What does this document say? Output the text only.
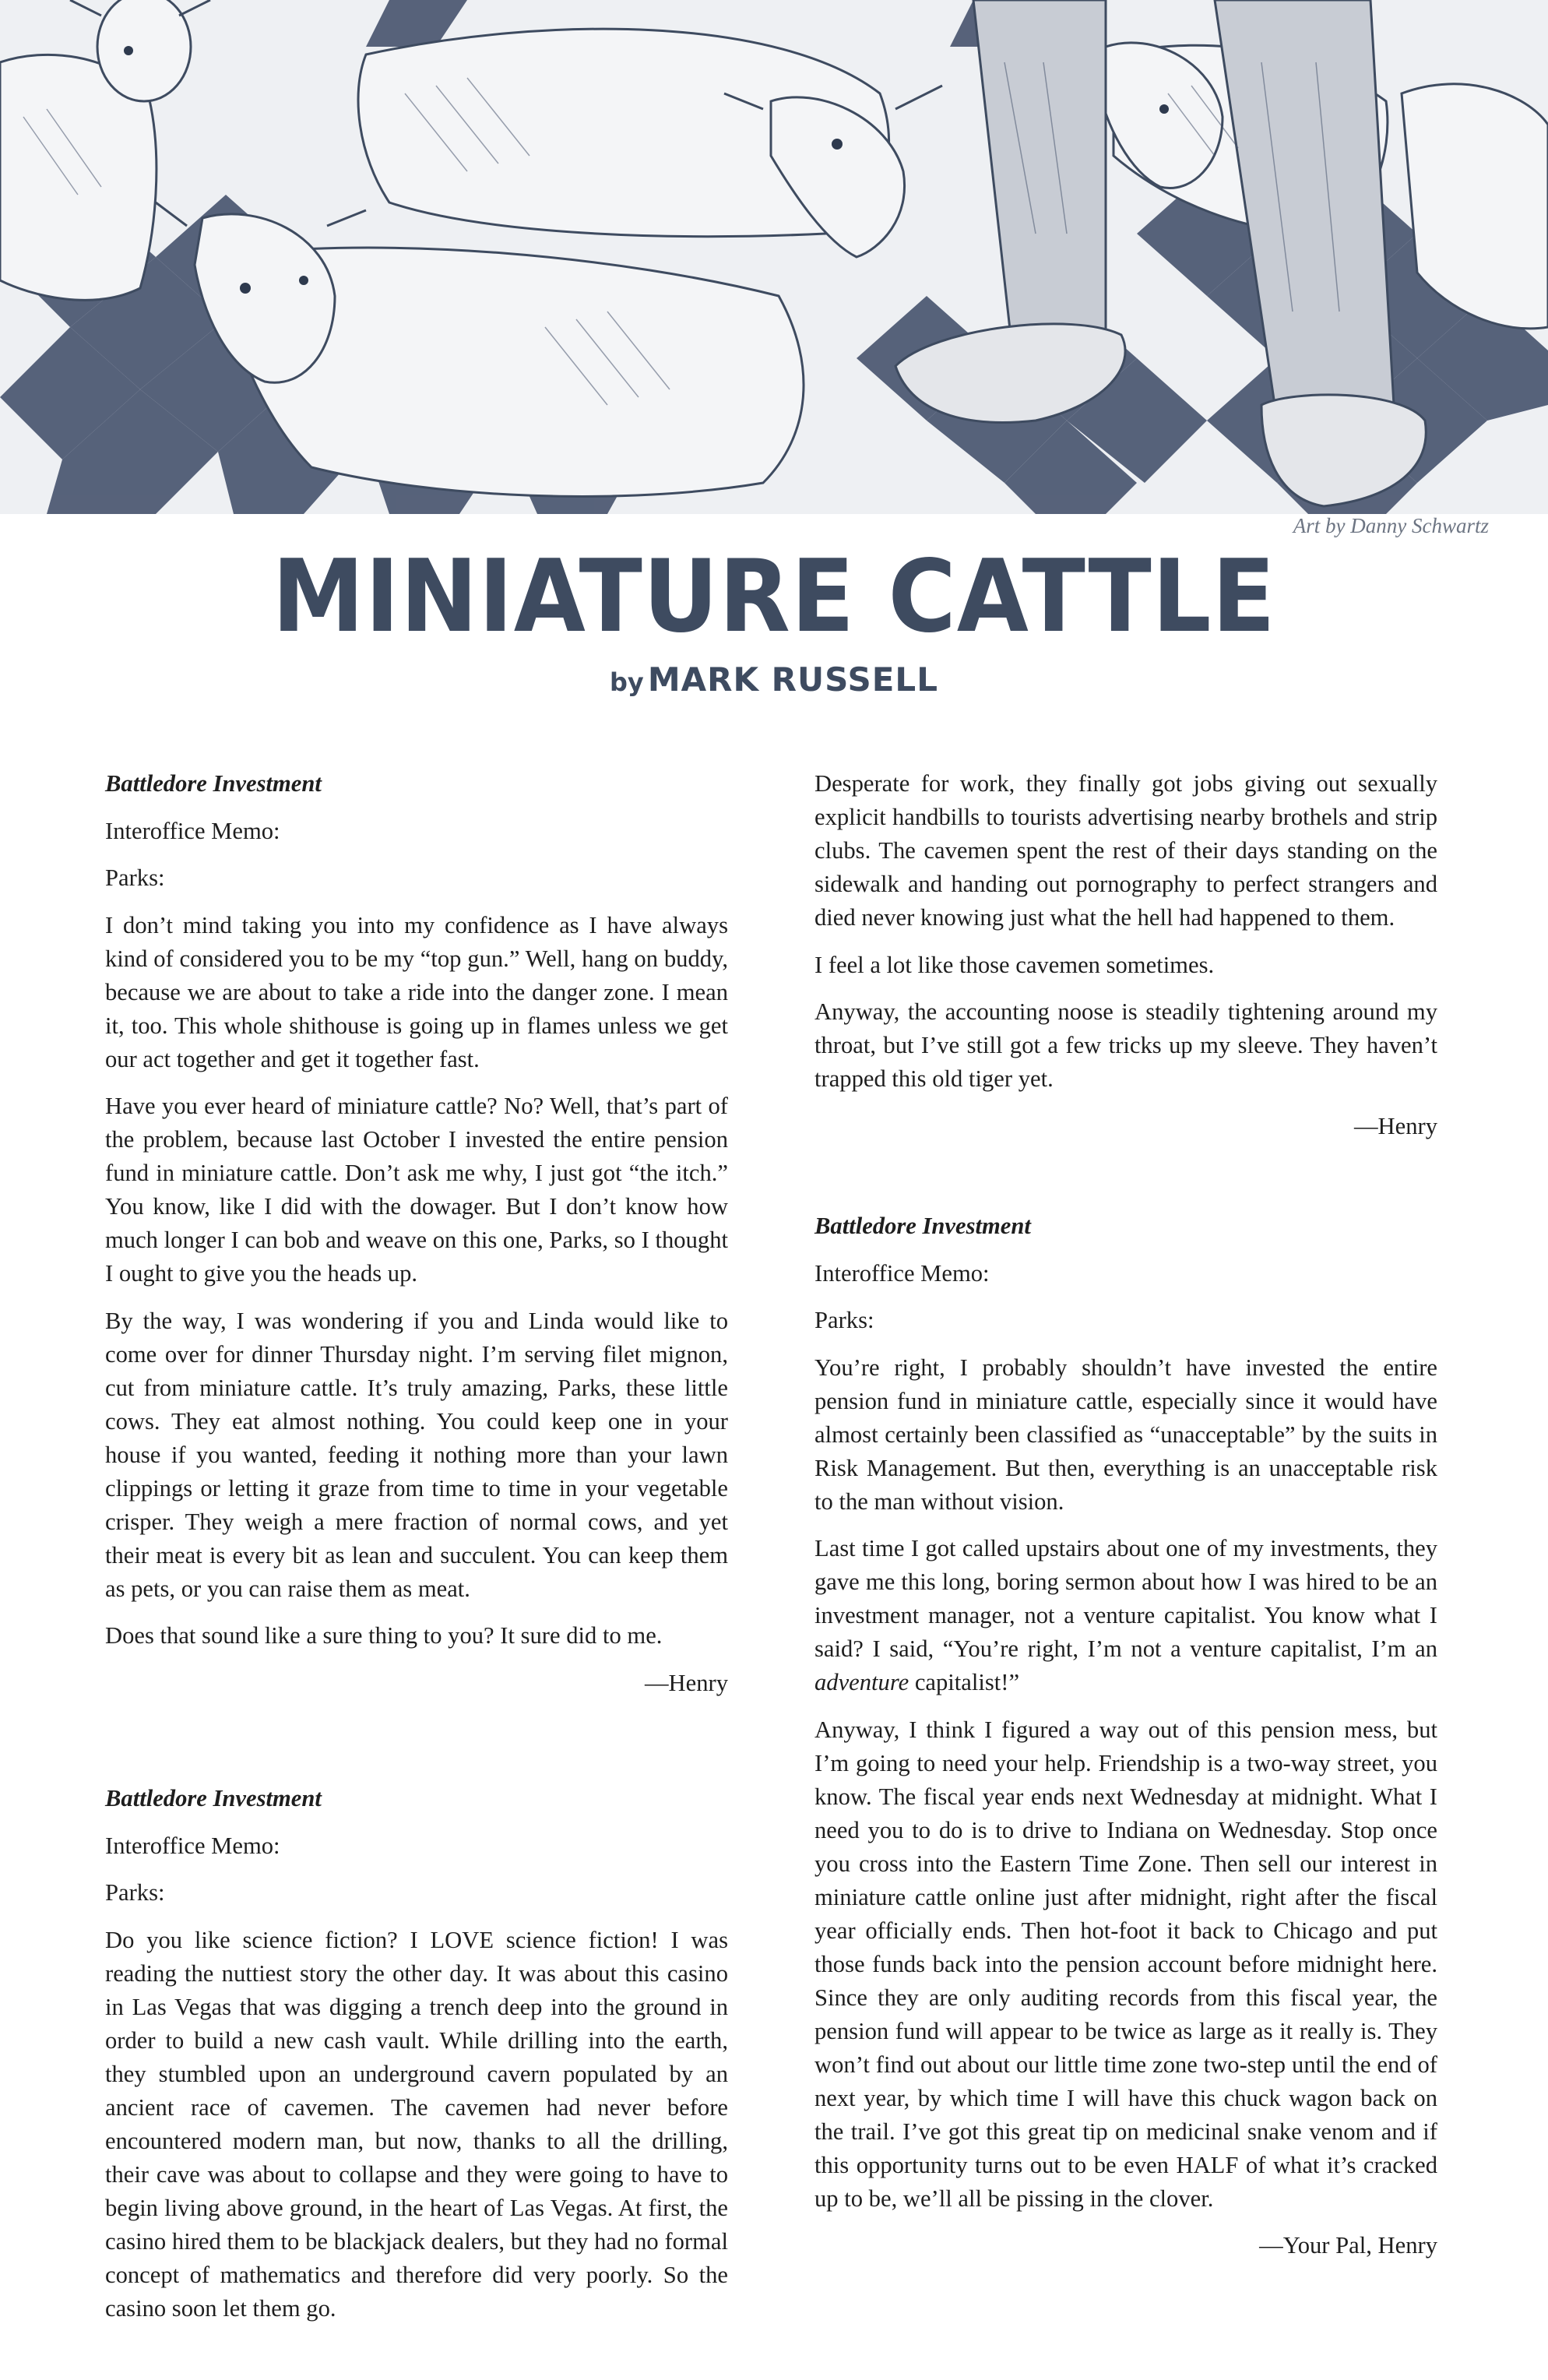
Art by Danny Schwartz
MINIATURE CATTLE
by MARK RUSSELL

Battledore Investment

Interoffice Memo:

Parks:

I don’t mind taking you into my confidence as I have always kind of considered you to be my “top gun.” Well, hang on buddy, because we are about to take a ride into the danger zone. I mean it, too. This whole shithouse is going up in flames unless we get our act together and get it together fast.

Have you ever heard of miniature cattle? No? Well, that’s part of the problem, because last October I invested the entire pension fund in miniature cattle. Don’t ask me why, I just got “the itch.” You know, like I did with the dowager. But I don’t know how much longer I can bob and weave on this one, Parks, so I thought I ought to give you the heads up.

By the way, I was wondering if you and Linda would like to come over for dinner Thursday night. I’m serving filet mignon, cut from miniature cattle. It’s truly amazing, Parks, these little cows. They eat almost nothing. You could keep one in your house if you wanted, feeding it nothing more than your lawn clippings or letting it graze from time to time in your vegetable crisper. They weigh a mere fraction of normal cows, and yet their meat is every bit as lean and succulent. You can keep them as pets, or you can raise them as meat.

Does that sound like a sure thing to you? It sure did to me.

—Henry

Battledore Investment

Interoffice Memo:

Parks:

Do you like science fiction? I LOVE science fiction! I was reading the nuttiest story the other day. It was about this casino in Las Vegas that was digging a trench deep into the ground in order to build a new cash vault. While drilling into the earth, they stumbled upon an underground cavern populated by an ancient race of cavemen. The cavemen had never before encountered modern man, but now, thanks to all the drilling, their cave was about to collapse and they were going to have to begin living above ground, in the heart of Las Vegas. At first, the casino hired them to be blackjack dealers, but they had no formal concept of mathematics and therefore did very poorly. So the casino soon let them go.

Desperate for work, they finally got jobs giving out sexually explicit handbills to tourists advertising nearby brothels and strip clubs. The cavemen spent the rest of their days standing on the sidewalk and handing out pornography to perfect strangers and died never knowing just what the hell had happened to them.

I feel a lot like those cavemen sometimes.

Anyway, the accounting noose is steadily tightening around my throat, but I’ve still got a few tricks up my sleeve. They haven’t trapped this old tiger yet.

—Henry

Battledore Investment

Interoffice Memo:

Parks:

You’re right, I probably shouldn’t have invested the entire pension fund in miniature cattle, especially since it would have almost certainly been classified as “unacceptable” by the suits in Risk Management. But then, everything is an unacceptable risk to the man without vision.

Last time I got called upstairs about one of my investments, they gave me this long, boring sermon about how I was hired to be an investment manager, not a venture capitalist. You know what I said? I said, “You’re right, I’m not a venture capitalist, I’m an adventure capitalist!”

Anyway, I think I figured a way out of this pension mess, but I’m going to need your help. Friendship is a two-way street, you know. The fiscal year ends next Wednesday at midnight. What I need you to do is to drive to Indiana on Wednesday. Stop once you cross into the Eastern Time Zone. Then sell our interest in miniature cattle online just after midnight, right after the fiscal year officially ends. Then hot-foot it back to Chicago and put those funds back into the pension account before midnight here. Since they are only auditing records from this fiscal year, the pension fund will appear to be twice as large as it really is. They won’t find out about our little time zone two-step until the end of next year, by which time I will have this chuck wagon back on the trail. I’ve got this great tip on medicinal snake venom and if this opportunity turns out to be even HALF of what it’s cracked up to be, we’ll all be pissing in the clover.

—Your Pal, Henry
